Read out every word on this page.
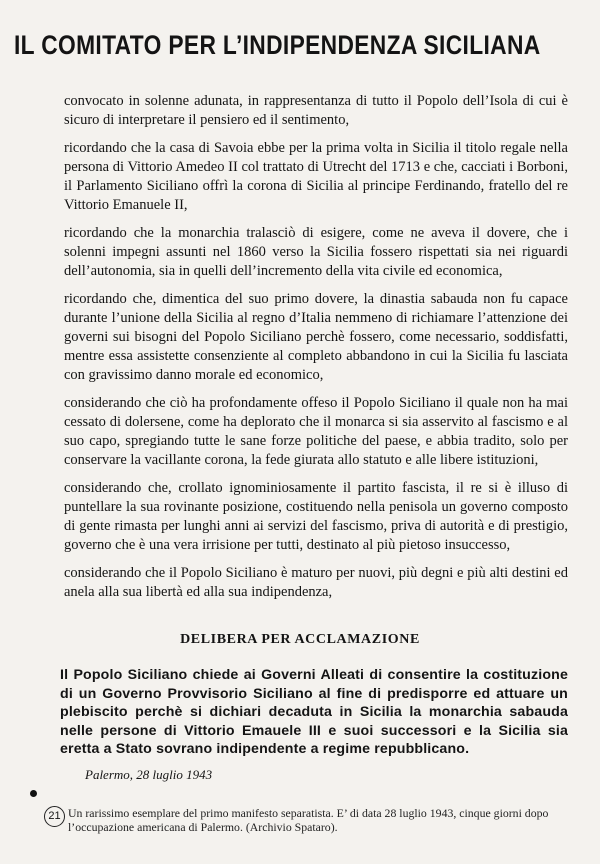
IL COMITATO PER L’INDIPENDENZA SICILIANA

convocato in solenne adunata, in rappresentanza di tutto il Popolo dell’Isola di cui è sicuro di interpretare il pensiero ed il sentimento,

ricordando che la casa di Savoia ebbe per la prima volta in Sicilia il titolo regale nella persona di Vittorio Amedeo II col trattato di Utrecht del 1713 e che, cacciati i Borboni, il Parlamento Siciliano offrì la corona di Sicilia al principe Ferdinando, fratello del re Vittorio Emanuele II,

ricordando che la monarchia tralasciò di esigere, come ne aveva il dovere, che i solenni impegni assunti nel 1860 verso la Sicilia fossero rispettati sia nei riguardi dell’autonomia, sia in quelli dell’incremento della vita civile ed economica,

ricordando che, dimentica del suo primo dovere, la dinastia sabauda non fu capace durante l’unione della Sicilia al regno d’Italia nemmeno di richiamare l’attenzione dei governi sui bisogni del Popolo Siciliano perchè fossero, come necessario, soddisfatti, mentre essa assistette consenziente al completo abbandono in cui la Sicilia fu lasciata con gravissimo danno morale ed economico,

considerando che ciò ha profondamente offeso il Popolo Siciliano il quale non ha mai cessato di dolersene, come ha deplorato che il monarca si sia asservito al fascismo e al suo capo, spregiando tutte le sane forze politiche del paese, e abbia tradito, solo per conservare la vacillante corona, la fede giurata allo statuto e alle libere istituzioni,

considerando che, crollato ignominiosamente il partito fascista, il re si è illuso di puntellare la sua rovinante posizione, costituendo nella penisola un governo composto di gente rimasta per lunghi anni ai servizi del fascismo, priva di autorità e di prestigio, governo che è una vera irrisione per tutti, destinato al più pietoso insuccesso,

considerando che il Popolo Siciliano è maturo per nuovi, più degni e più alti destini ed anela alla sua libertà ed alla sua indipendenza,

DELIBERA PER ACCLAMAZIONE
Il Popolo Siciliano chiede ai Governi Alleati di consentire la costituzione di un Governo Provvisorio Siciliano al fine di predisporre ed attuare un plebiscito perchè si dichiari decaduta in Sicilia la monarchia sabauda nelle persone di Vittorio Emauele III e suoi successori e la Sicilia sia eretta a Stato sovrano indipendente a regime repubblicano.
Palermo, 28 luglio 1943
21 Un rarissimo esemplare del primo manifesto separatista. E’ di data 28 luglio 1943, cinque giorni dopo l’occupazione americana di Palermo. (Archivio Spataro).
